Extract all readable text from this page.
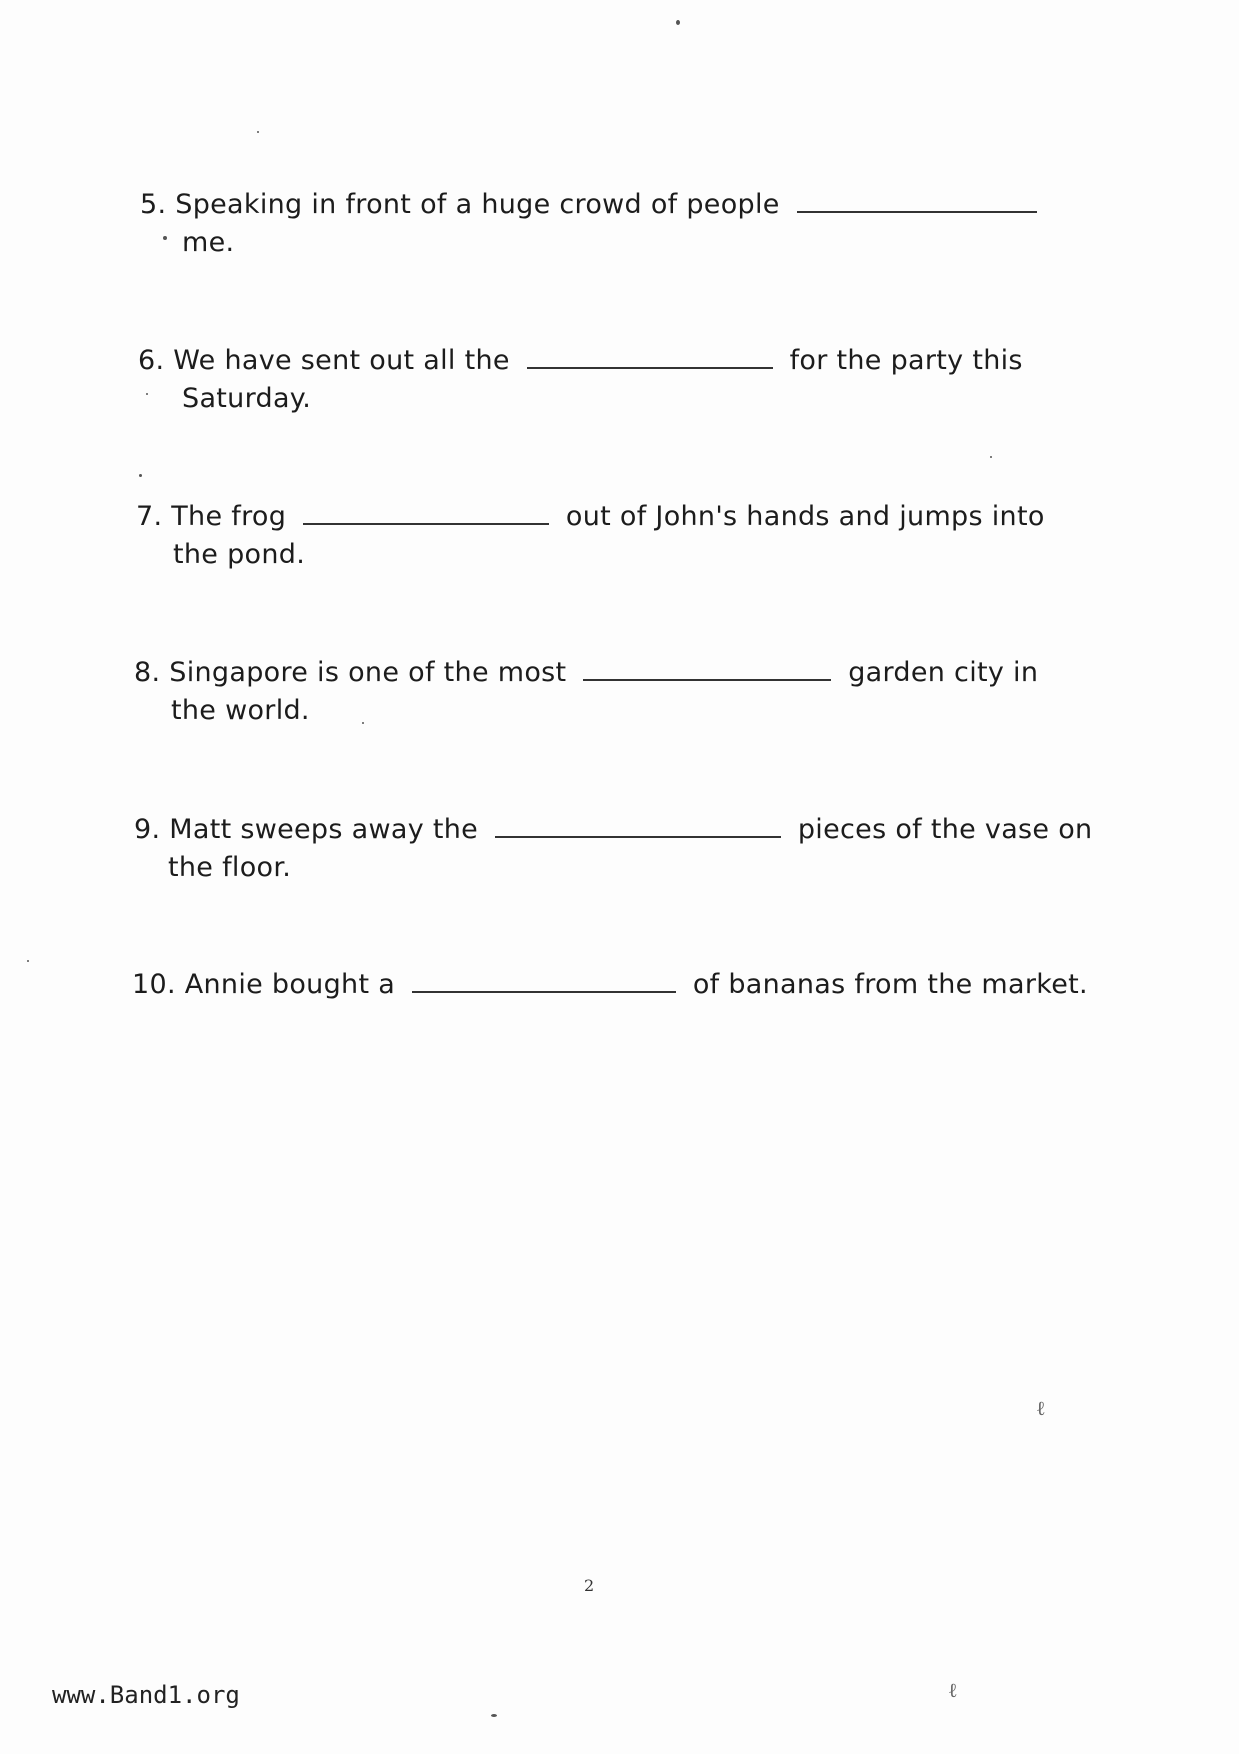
5. Speaking in front of a huge crowd of people
me.
6. We have sent out all the	for the party this
Saturday.
7. The frog	out of John's hands and jumps into
the pond.
8. Singapore is one of the most	garden city in
the world.
9. Matt sweeps away the	pieces of the vase on
the floor.
10. Annie bought a	of bananas from the market.
ℓ
ℓ
2
www.Band1.org
